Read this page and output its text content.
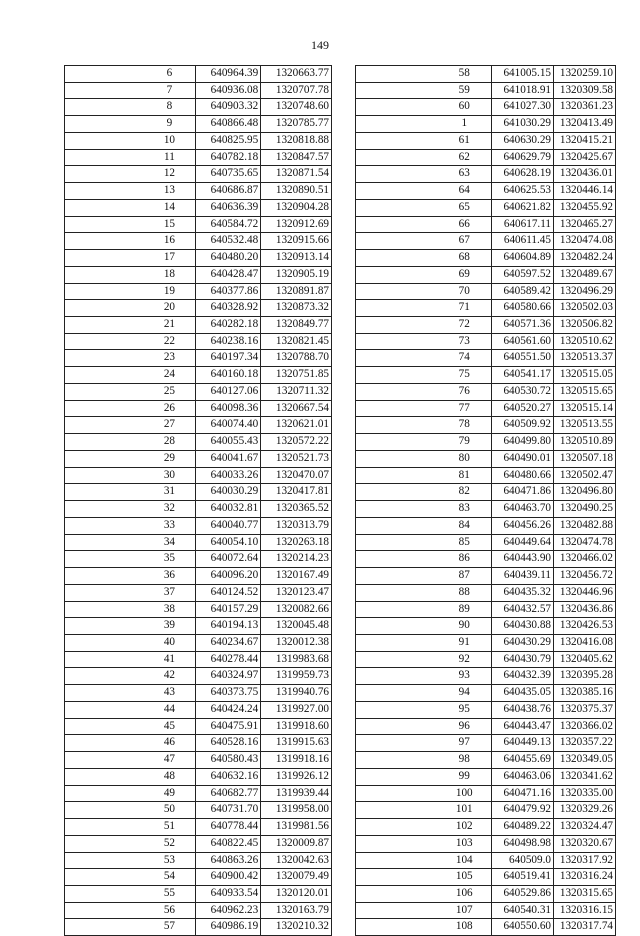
149
	6	640964.39	1320663.77
	7	640936.08	1320707.78
	8	640903.32	1320748.60
	9	640866.48	1320785.77
	10	640825.95	1320818.88
	11	640782.18	1320847.57
	12	640735.65	1320871.54
	13	640686.87	1320890.51
	14	640636.39	1320904.28
	15	640584.72	1320912.69
	16	640532.48	1320915.66
	17	640480.20	1320913.14
	18	640428.47	1320905.19
	19	640377.86	1320891.87
	20	640328.92	1320873.32
	21	640282.18	1320849.77
	22	640238.16	1320821.45
	23	640197.34	1320788.70
	24	640160.18	1320751.85
	25	640127.06	1320711.32
	26	640098.36	1320667.54
	27	640074.40	1320621.01
	28	640055.43	1320572.22
	29	640041.67	1320521.73
	30	640033.26	1320470.07
	31	640030.29	1320417.81
	32	640032.81	1320365.52
	33	640040.77	1320313.79
	34	640054.10	1320263.18
	35	640072.64	1320214.23
	36	640096.20	1320167.49
	37	640124.52	1320123.47
	38	640157.29	1320082.66
	39	640194.13	1320045.48
	40	640234.67	1320012.38
	41	640278.44	1319983.68
	42	640324.97	1319959.73
	43	640373.75	1319940.76
	44	640424.24	1319927.00
	45	640475.91	1319918.60
	46	640528.16	1319915.63
	47	640580.43	1319918.16
	48	640632.16	1319926.12
	49	640682.77	1319939.44
	50	640731.70	1319958.00
	51	640778.44	1319981.56
	52	640822.45	1320009.87
	53	640863.26	1320042.63
	54	640900.42	1320079.49
	55	640933.54	1320120.01
	56	640962.23	1320163.79
	57	640986.19	1320210.32
	58	641005.15	1320259.10
	59	641018.91	1320309.58
	60	641027.30	1320361.23
	1	641030.29	1320413.49
	61	640630.29	1320415.21
	62	640629.79	1320425.67
	63	640628.19	1320436.01
	64	640625.53	1320446.14
	65	640621.82	1320455.92
	66	640617.11	1320465.27
	67	640611.45	1320474.08
	68	640604.89	1320482.24
	69	640597.52	1320489.67
	70	640589.42	1320496.29
	71	640580.66	1320502.03
	72	640571.36	1320506.82
	73	640561.60	1320510.62
	74	640551.50	1320513.37
	75	640541.17	1320515.05
	76	640530.72	1320515.65
	77	640520.27	1320515.14
	78	640509.92	1320513.55
	79	640499.80	1320510.89
	80	640490.01	1320507.18
	81	640480.66	1320502.47
	82	640471.86	1320496.80
	83	640463.70	1320490.25
	84	640456.26	1320482.88
	85	640449.64	1320474.78
	86	640443.90	1320466.02
	87	640439.11	1320456.72
	88	640435.32	1320446.96
	89	640432.57	1320436.86
	90	640430.88	1320426.53
	91	640430.29	1320416.08
	92	640430.79	1320405.62
	93	640432.39	1320395.28
	94	640435.05	1320385.16
	95	640438.76	1320375.37
	96	640443.47	1320366.02
	97	640449.13	1320357.22
	98	640455.69	1320349.05
	99	640463.06	1320341.62
	100	640471.16	1320335.00
	101	640479.92	1320329.26
	102	640489.22	1320324.47
	103	640498.98	1320320.67
	104	640509.0	1320317.92
	105	640519.41	1320316.24
	106	640529.86	1320315.65
	107	640540.31	1320316.15
	108	640550.60	1320317.74
